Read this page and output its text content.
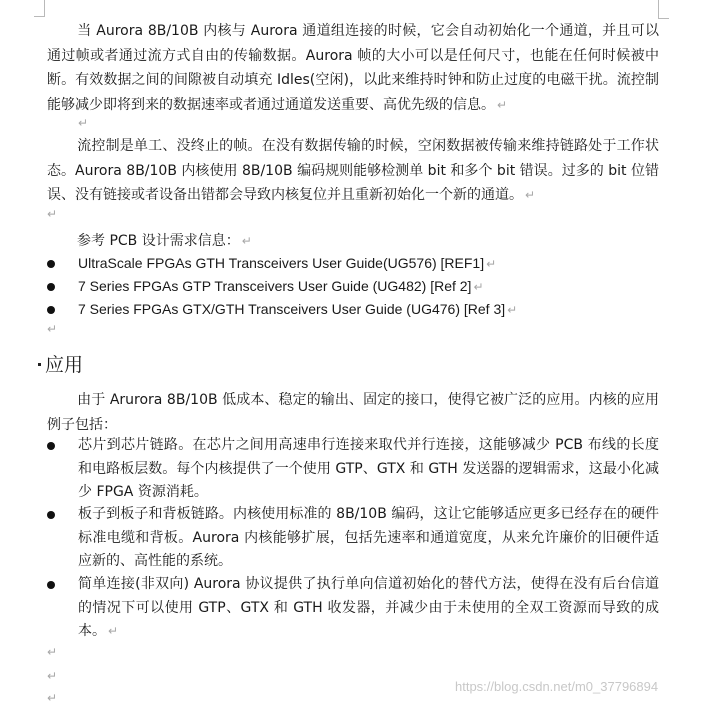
当 Aurora 8B/10B 内核与 Aurora 通道组连接的时候，它会自动初始化一个通道，并且可以通过帧或者通过流方式自由的传输数据。Aurora 帧的大小可以是任何尺寸，也能在任何时候被中断。有效数据之间的间隙被自动填充 Idles(空闲)，以此来维持时钟和防止过度的电磁干扰。流控制能够减少即将到来的数据速率或者通过通道发送重要、高优先级的信息。 ↵
↵
流控制是单工、没终止的帧。在没有数据传输的时候，空闲数据被传输来维持链路处于工作状态。Aurora 8B/10B 内核使用 8B/10B 编码规则能够检测单 bit 和多个 bit 错误。过多的 bit 位错误、没有链接或者设备出错都会导致内核复位并且重新初始化一个新的通道。 ↵
↵
参考 PCB 设计需求信息： ↵
UltraScale FPGAs GTH Transceivers User Guide(UG576) [REF1] ↵
7 Series FPGAs GTP Transceivers User Guide (UG482) [Ref 2] ↵
7 Series FPGAs GTX/GTH Transceivers User Guide (UG476) [Ref 3] ↵
↵
应用
由于 Arurora 8B/10B 低成本、稳定的输出、固定的接口，使得它被广泛的应用。内核的应用例子包括：
芯片到芯片链路。在芯片之间用高速串行连接来取代并行连接，这能够减少 PCB 布线的长度和电路板层数。每个内核提供了一个使用 GTP、GTX 和 GTH 发送器的逻辑需求，这最小化减少 FPGA 资源消耗。
板子到板子和背板链路。内核使用标准的 8B/10B 编码，这让它能够适应更多已经存在的硬件标准电缆和背板。Aurora 内核能够扩展，包括先速率和通道宽度，从来允许廉价的旧硬件适应新的、高性能的系统。
简单连接(非双向) Aurora 协议提供了执行单向信道初始化的替代方法，使得在没有后台信道的情况下可以使用 GTP、GTX 和 GTH 收发器，并减少由于未使用的全双工资源而导致的成本。 ↵
↵
↵
↵
https://blog.csdn.net/m0_37796894
